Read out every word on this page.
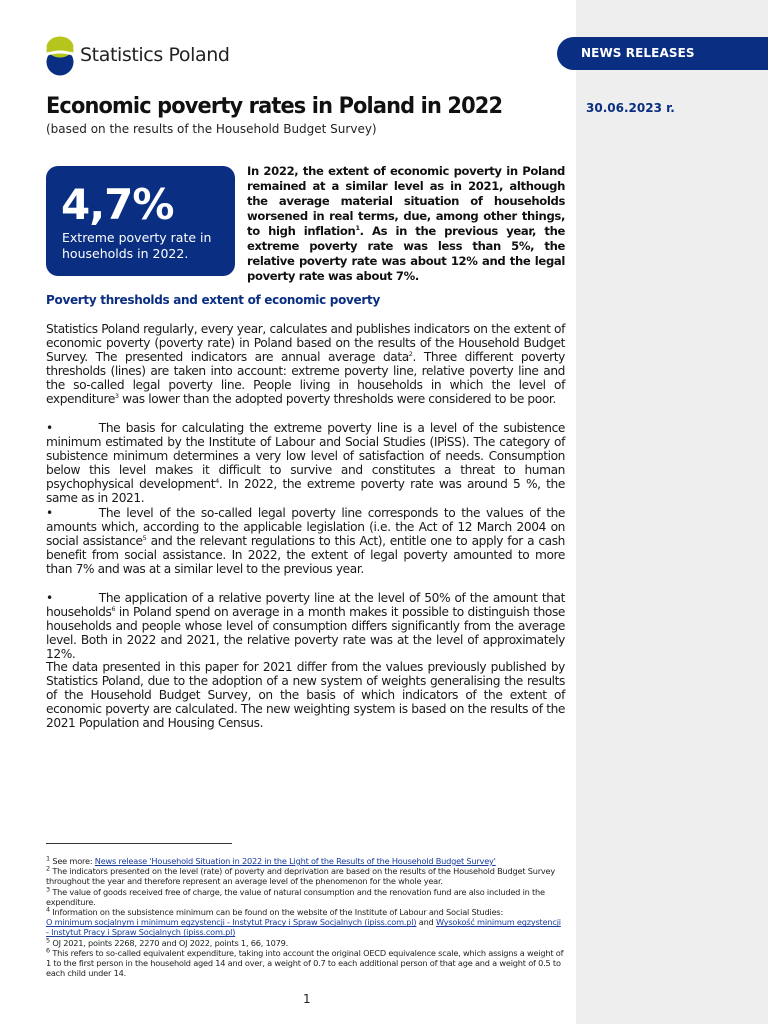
NEWS RELEASES
30.06.2023 r.
Statistics Poland
Economic poverty rates in Poland in 2022
(based on the results of the Household Budget Survey)
4,7%
Extreme poverty rate in households in 2022.
In 2022, the extent of economic poverty in Poland remained at a similar level as in 2021, although the average material situation of households worsened in real terms, due, among other things, to high inflation$^1$. As in the previous year, the extreme poverty rate was less than 5%, the relative poverty rate was about 12% and the legal poverty rate was about 7%.
Poverty thresholds and extent of economic poverty
Statistics Poland regularly, every year, calculates and publishes indicators on the extent of economic poverty (poverty rate) in Poland based on the results of the Household Budget Survey. The presented indicators are annual average data$^2$. Three different poverty thresholds (lines) are taken into account: extreme poverty line, relative poverty line and the so-called legal poverty line. People living in households in which the level of expenditure$^3$ was lower than the adopted poverty thresholds were considered to be poor.
•	The basis for calculating the extreme poverty line is a level of the subistence minimum estimated by the Institute of Labour and Social Studies (IPiSS). The category of subistence minimum determines a very low level of satisfaction of needs. Consumption below this level makes it difficult to survive and constitutes a threat to human psychophysical development$^4$. In 2022, the extreme poverty rate was around 5 %, the same as in 2021.
•	The level of the so-called legal poverty line corresponds to the values of the amounts which, according to the applicable legislation (i.e. the Act of 12 March 2004 on social assistance$^5$ and the relevant regulations to this Act), entitle one to apply for a cash benefit from social assistance. In 2022, the extent of legal poverty amounted to more than 7% and was at a similar level to the previous year.
•	The application of a relative poverty line at the level of 50% of the amount that households$^6$ in Poland spend on average in a month makes it possible to distinguish those households and people whose level of consumption differs significantly from the average level. Both in 2022 and 2021, the relative poverty rate was at the level of approximately 12%.
The data presented in this paper for 2021 differ from the values previously published by Statistics Poland, due to the adoption of a new system of weights generalising the results of the Household Budget Survey, on the basis of which indicators of the extent of economic poverty are calculated. The new weighting system is based on the results of the 2021 Population and Housing Census.
$^1$ See more: News release 'Household Situation in 2022 in the Light of the Results of the Household Budget Survey'
$^2$ The indicators presented on the level (rate) of poverty and deprivation are based on the results of the Household Budget Survey throughout the year and therefore represent an average level of the phenomenon for the whole year.
$^3$ The value of goods received free of charge, the value of natural consumption and the renovation fund are also included in the expenditure.
$^4$ Information on the subsistence minimum can be found on the website of the Institute of Labour and Social Studies:
O minimum socjalnym i minimum egzystencji - Instytut Pracy i Spraw Socjalnych (ipiss.com.pl) and Wysokość minimum egzystencji - Instytut Pracy i Spraw Socjalnych (ipiss.com.pl)
$^5$ OJ 2021, points 2268, 2270 and OJ 2022, points 1, 66, 1079.
$^6$ This refers to so-called equivalent expenditure, taking into account the original OECD equivalence scale, which assigns a weight of 1 to the first person in the household aged 14 and over, a weight of 0.7 to each additional person of that age and a weight of 0.5 to each child under 14.
1
